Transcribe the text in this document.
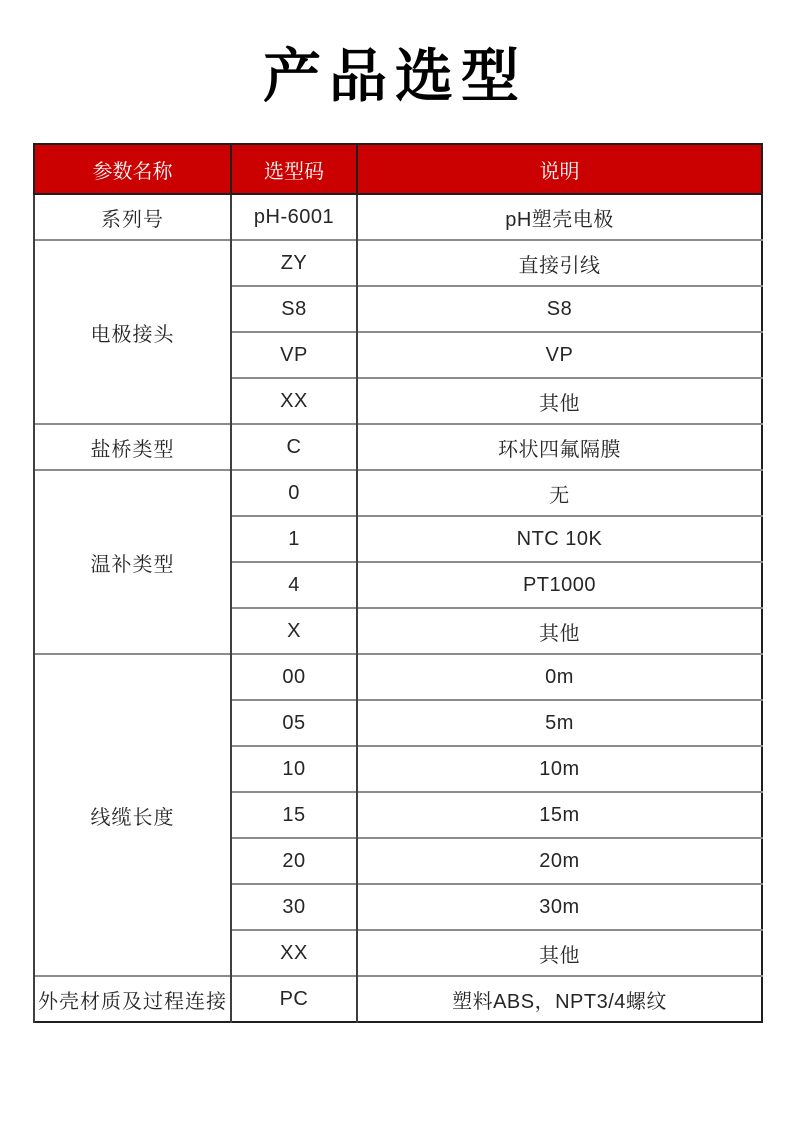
产品选型
参数名称	选型码	说明
系列号	pH-6001	pH塑壳电极
电极接头	ZY	直接引线
	S8	S8
	VP	VP
	XX	其他
盐桥类型	C	环状四氟隔膜
温补类型	0	无
	1	NTC 10K
	4	PT1000
	X	其他
线缆长度	00	0m
	05	5m
	10	10m
	15	15m
	20	20m
	30	30m
	XX	其他
外壳材质及过程连接	PC	塑料ABS，NPT3/4螺纹
